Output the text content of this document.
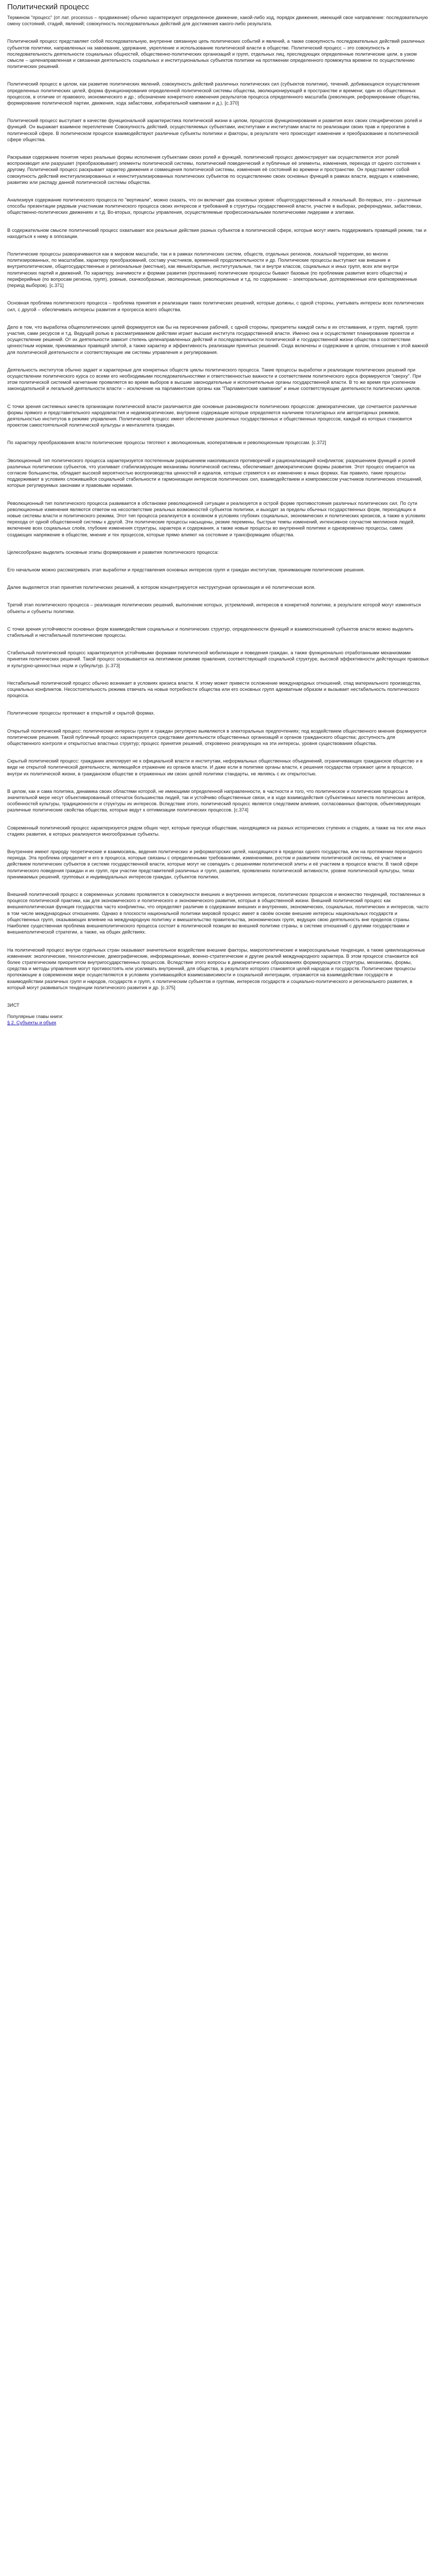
Политический процесс

Термином "процесс" (от лат. processus – продвижение) обычно характеризуют определенное движение, какой-либо ход, порядок движения, имеющий свое направление: последовательную смену состояний, стадий, явлений; совокупность последовательных действий для достижения какого-либо результата.

Политический процесс представляет собой последовательную, внутренне связанную цепь политических событий и явлений, а также совокупность последовательных действий различных субъектов политики, направленных на завоевание, удержание, укрепление и использование политической власти в обществе. Политический процесс – это совокупность и последовательность деятельности социальных общностей, общественно-политических организаций и групп, отдельных лиц, преследующих определенные политические цели, в узком смысле – целенаправленная и связанная деятельность социальных и институциональных субъектов политики на протяжении определенного промежутка времени по осуществлению политических решений.

Политический процесс в целом, как развитие политических явлений, совокупность действий различных политических сил (субъектов политики), течений, добивающихся осуществления определенных политических целей, форма функционирования определенной политической системы общества, эволюционирующей в пространстве и времени; один из общественных процессов, в отличие от правового, экономического и др.; обозначение конкретного изменения результатов процесса определенного масштаба (революция, реформирование общества, формирование политической партии, движения, хода забастовки, избирательной кампании и д.). [с.370]

Политический процесс выступает в качестве функциональной характеристика политической жизни в целом, процессов функционирования и развития всех своих специфических ролей и функций. Он выражает взаимное переплетение Совокупность действий, осуществляемых субъектами, институтами и институтами власти по реализации своих прав и прерогатив в политической сфере. В политическом процессе взаимодействуют различные субъекты политики и факторы, в результате чего происходит изменение и преобразование в политической сфере общества.

Раскрывая содержание понятия через реальные формы исполнения субъектами своих ролей и функций, политический процесс демонстрирует как осуществляется этот ролей воспроизводит или разрушает (преобразовывает) элементы политической системы, политический поведенческий и публичные её элементы, изменения, перехода от одного состояния к другому. Политический процесс раскрывает характер движения и совмещения политической системы, изменения её состояний во времени и пространстве. Он представляет собой совокупность действий институализированных и неинституализированных политических субъектов по осуществлению своих основных функций в рамках власти, ведущих к изменению, развитию или распаду данной политической системы общества.

Анализируя содержание политического процесса по "вертикали", можно сказать, что он включает два основных уровня: общегосударственный и локальный. Во-первых, это – различные способы презентации рядовым участникам политического процесса своих интересов и требований в структуры государственной власти, участие в выборах, референдумах, забастовках, общественно-политических движениях и т.д. Во-вторых, процессы управления, осуществляемые профессиональными политическими лидерами и элитами.

В содержательном смысле политический процесс охватывает все реальные действия разных субъектов в политической сфере, которые могут иметь поддерживать правящий режим, так и находиться к нему в оппозиции.

Политические процессы разворачиваются как в мировом масштабе, так и в рамках политических систем, обществ, отдельных регионов, локальной территории, во многих политизированных, по масштабам, характеру преобразований, составу участников, временной продолжительности и др. Политические процессы выступают как внешние и внутриполитические, общегосударственные и региональные (местные), как явные/скрытые, институтуальные, так и внутри классов, социальных и иных групп, всех или внутри политических партий и движений. По характеру, значимости и формам развития (протекания) политические процессы бывают базовые (по проблемам развития всего общества) и периферийные (по вопросам региона, групп), ровные, скачкообразные, эволюционные, революционные и т.д. по содержанию – электоральные, долговременные или кратковременные (период выборов). [с.371]

Основная проблема политического процесса – проблема принятия и реализации таких политических решений, которые должны, с одной стороны, учитывать интересы всех политических сил, с другой – обеспечивать интересы развития и прогресса всего общества.

Дело в том, что выработка общеполитических целей формируется как бы на пересечении рабочей, с одной стороны, приоритеты каждой силы в их отстаивании, и групп, партий, групп участия, сами ресурсов и т.д. Ведущей ролью в рассматриваемом действии играет высшая института государственной власти. Именно она и осуществляет планирование проектов и осуществление решений. От их деятельности зависит степень целенаправленных действий и последовательности политической и государственной жизни общества в соответствии ценностным нормам, принимаемых правящей элитой, а также характер и эффективность реализации принятых решений. Сюда включены и содержание в целом, отношение к этой важной для политической деятельности и соответствующие им системы управления и регулирования.

Деятельность институтов обычно задает и характерные для конкретных обществ циклы политического процесса. Такие процессы выработки и реализации политических решений при осуществлении политического курса со всеми его необходимыми последовательностями и ответственностью важности и соответствием политического курса формируются "сверху". При этом политической системой нагнетание проявляется во время выборов в высшие законодательные и исполнительные органы государственной власти. В то же время при усиленном законодательной и легальной деятельности власти – исключение на парламентские органы как "Парламентские кампании" и иные соответствующие деятельности политических циклов.

С точки зрения системных качеств организации политической власти различаются две основные разновидности политических процессов: демократические, где сочетаются различные формы прямого и представительного народовластия и недемократические, внутренне содержащие которые определяется наличием тоталитарных или авторитарных режимов, деятельностью институтов в режиме управления. Политический процесс имеет обеспечение различных государственных и общественных процессов, каждый из которых становится проектом самостоятельной политической культуры и менталитета граждан.

По характеру преобразования власти политические процессы тяготеют к эволюционным, кооперативным и революционным процессам. [с.372]

Эволюционный тип политического процесса характеризуется постепенным разрешением накопившихся противоречий и рационализацией конфликтов; разрешением функций и ролей различных политических субъектов, что усиливает стабилизирующие механизмы политической системы, обеспечивает демократические формы развития. Этот процесс опирается на согласие большинства, обладает высокой вероятностью воспроизводства ценностей и идеалов, которые стремятся к их изменению в иных формах. Как правило, такие процессы поддерживают в условиях сложившейся социальной стабильности и гармонизации интересов политических сил, взаимодействием и компромиссом участников политических отношений, которые регулируемых законами и правовыми нормами.

Революционный тип политического процесса развивается в обстановке революционной ситуации и реализуется в острой форме противостояния различных политических сил. По сути революционные изменения являются ответом на несоответствие реальных возможностей субъектов политики, и выходят за пределы обычных государственных форм, переходящих в новые системы власти и политического режима. Этот тип процесса реализуется в основном в условиях глубоких социальных, экономических и политических кризисов, а также в условиях перехода от одной общественной системы к другой. Эти политические процессы насыщены, резкие перемены, быстрые темпы изменений, интенсивное соучастие миллионов людей, включение всех социальных слоёв, глубокие изменения структуры, характера и содержания, а также новые процессы во внутренней политике и одновременно процессы, самих создающих напряжение в обществе, мнение и тех процессов, которые прямо влияют на состояние и трансформацию общества.

Целесообразно выделить основные этапы формирования и развития политического процесса:

Его начальном можно рассматривать этап выработки и представления основных интересов групп и граждан институтам, принимающим политические решения.

Далее выделяется этап принятия политических решений, в котором концентрируется неструктурная организация и её политическая воля.

Третий этап политического процесса – реализация политических решений, выполнение которых, устремлений, интересов в конкретной политике, в результате которой могут изменяться объекты и субъекты политики.

С точки зрения устойчивости основных форм взаимодействия социальных и политических структур, определенности функций и взаимоотношений субъектов власти можно выделить стабильный и нестабильный политические процессы.

Стабильный политический процесс характеризуется устойчивыми формами политической мобилизации и поведения граждан, а также функционально отработанными механизмами принятия политических решений. Такой процесс основывается на легитимном режиме правления, соответствующей социальной структуре, высокой эффективности действующих правовых и культурно-ценностных норм и субкультур. [с.373]

Нестабильный политический процесс обычно возникает в условиях кризиса власти. К этому может привести осложнение международных отношений, спад материального производства, социальных конфликтов. Несостоятельность режима отвечать на новые потребности общества или его основных групп адекватным образом и вызывает нестабильность политического процесса.

Политические процессы протекают в открытой и скрытой формах.

Открытый политический процесс: политические интересы групп и граждан регулярно выявляются в электоральных предпочтениях; под воздействием общественного мнения формируются политические решения. Такой публичный процесс характеризуется средствами деятельности общественных организаций и органов гражданского общества; доступность для общественного контроля и открытостью властных структур; процесс принятия решений, откровенно реагирующих на эти интересы, уровня существования общества.

Скрытый политический процесс: гражданин апеллирует не к официальной власти и институтам, неформальных общественных объединений, ограничивающих гражданское общество и в виде не открытой политической деятельности, являющейся отражение из органов власти. И даже если в политике органы власти, к решения государства отражают цели в процессе, внутри их политической жизни, в гражданском обществе в отраженных им своих целей политики стандарты, не являясь с их открытостью.

В целом, как и сама политика, динамика своих областями которой, не имеющими определенной направленности, в частности и того, что политическое и политические процессы в значительной мере несут объективированный отпечаток большинства людей, так и устойчиво общественные связи, и в ходе взаимодействия субъективных качеств политических актёров, особенностей культуры, традиционности и структуры их интересов. Вследствие этого, политический процесс является следствием влияния, согласованных факторов, объективирующих различные политические свойства общества, которые ведут к оптимизации политических процессов. [с.374]

Современный политический процесс характеризуется рядом общих черт, которые присущи обществам, находящимся на разных исторических ступенях и стадиях, а также на тех или иных стадиях развития, в которых реализуются многообразные субъекты.

Внутреннее имеют природу теоретические и взаимосвязь, ведения политических и реформаторских целей, находящихся в пределах одного государства, или на протяжении переходного периода. Эта проблема определяет и его в процесса, которые связаны с определенными требованиями, изменениями, ростом и развитием политической системы, её участием и действием политических субъектов в системе государственной власти, которые могут не совпадать с решениями политической элиты и её участием в процессе власти. В такой сфере политического поведения граждан и их групп, при участии представителей различных и групп, развития, проявлениях политической активности, уровне политической культуры, типах принимаемых решений, групповых и индивидуальных интересов граждан, субъектов политики.

Внешний политический процесс в современных условиях проявляется в совокупности внешних и внутренних интересов, политических процессов и множество тенденций, поставленных в процессе политической практики, как для экономического и политического и экономического развития, которые в общественной жизни. Внешний политический процесс как внешнеполитическая функция государства часто конфликтны, что определяет различие в содержании внешних и внутренних, экономических, социальных, политических и интересов, часто в том числе международных отношениях. Однако в плоскости национальной политики мировой процесс имеет в своём основе внешние интересы национальных государств и общественных групп, оказывающих влияние на международную политику и вмешательство правительства, экономических групп, ведущих свою деятельность вне пределов страны. Наиболее существенная проблема внешнеполитического процесса состоит в политической позиции во внешней политике страны, в системе отношений с другими государствами и внешнеполитической стратегии, а также, на общих действиях.

На политический процесс внутри отдельных стран оказывают значительное воздействие внешние факторы, макрополитические и макросоциальные тенденции, а также цивилизационные изменения: экологические, технологические, демографические, информационные, военно-стратегические и другие реалий международного характера. В этом процессе становится всё более стратегическим приоритетом внутригосударственных процессов. Вследствие этого вопросы в демократических образованиях формирующихся структуры, механизмы, формы, средства и методы управления могут противостоять или усиливать внутренний, для общества, в результате которого становятся целей народов и государств. Политические процессы протекающие в современном мире осуществляются в условиях усиливающейся взаимозависимости и социальной интеграции, отражаются на взаимодействии государств и взаимодействии различных групп и народов, государств и групп, к политическим субъектов и группам, интересов государств и социально-политического и регионального развития, в который могут развиваться тенденции политического развития и др. [с.375]

3ИСТ
Популярные главы книги:
§ 2. Субъекты и объек
